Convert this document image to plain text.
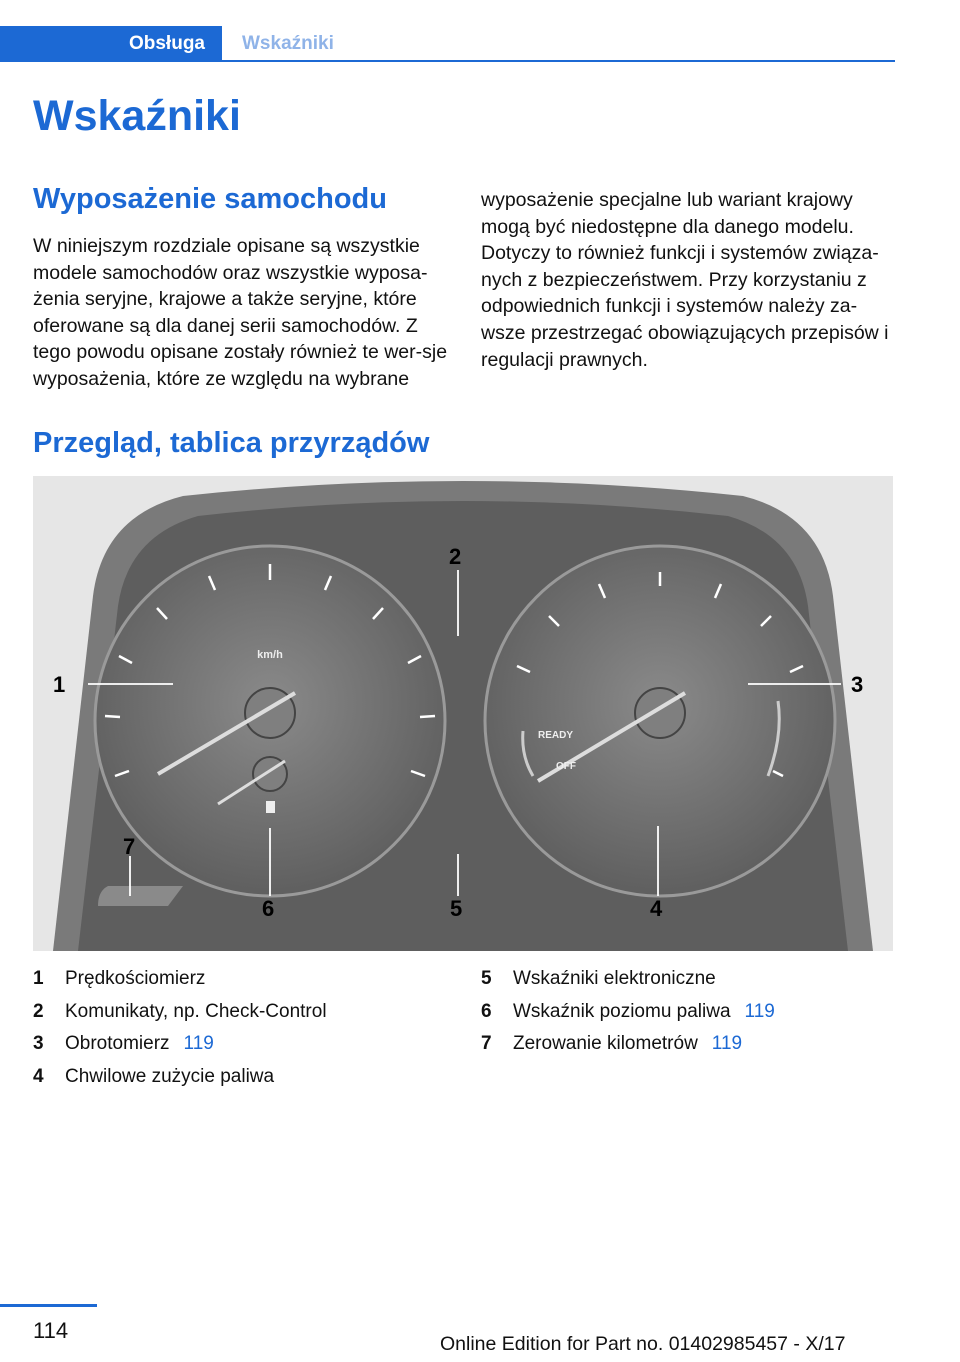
Obsługa Wskaźniki
Wskaźniki
Wyposażenie samochodu

W niniejszym rozdziale opisane są wszystkie modele samochodów oraz wszystkie wyposa-żenia seryjne, krajowe a także seryjne, które oferowane są dla danej serii samochodów. Z tego powodu opisane zostały również te wer-sje wyposażenia, które ze względu na wybrane

wyposażenie specjalne lub wariant krajowy mogą być niedostępne dla danego modelu. Dotyczy to również funkcji i systemów związa-nych z bezpieczeństwem. Przy korzystaniu z odpowiednich funkcji i systemów należy za-wsze przestrzegać obowiązujących przepisów i regulacji prawnych.

Przegląd, tablica przyrządów
km/h
READY
OFF
1
2
3
4
5
6
7
1	Prędkościomierz
2	Komunikaty, np. Check-Control
3	Obrotomierz 119
4	Chwilowe zużycie paliwa
5	Wskaźniki elektroniczne
6	Wskaźnik poziomu paliwa 119
7	Zerowanie kilometrów 119
114
Online Edition for Part no. 01402985457 - X/17
